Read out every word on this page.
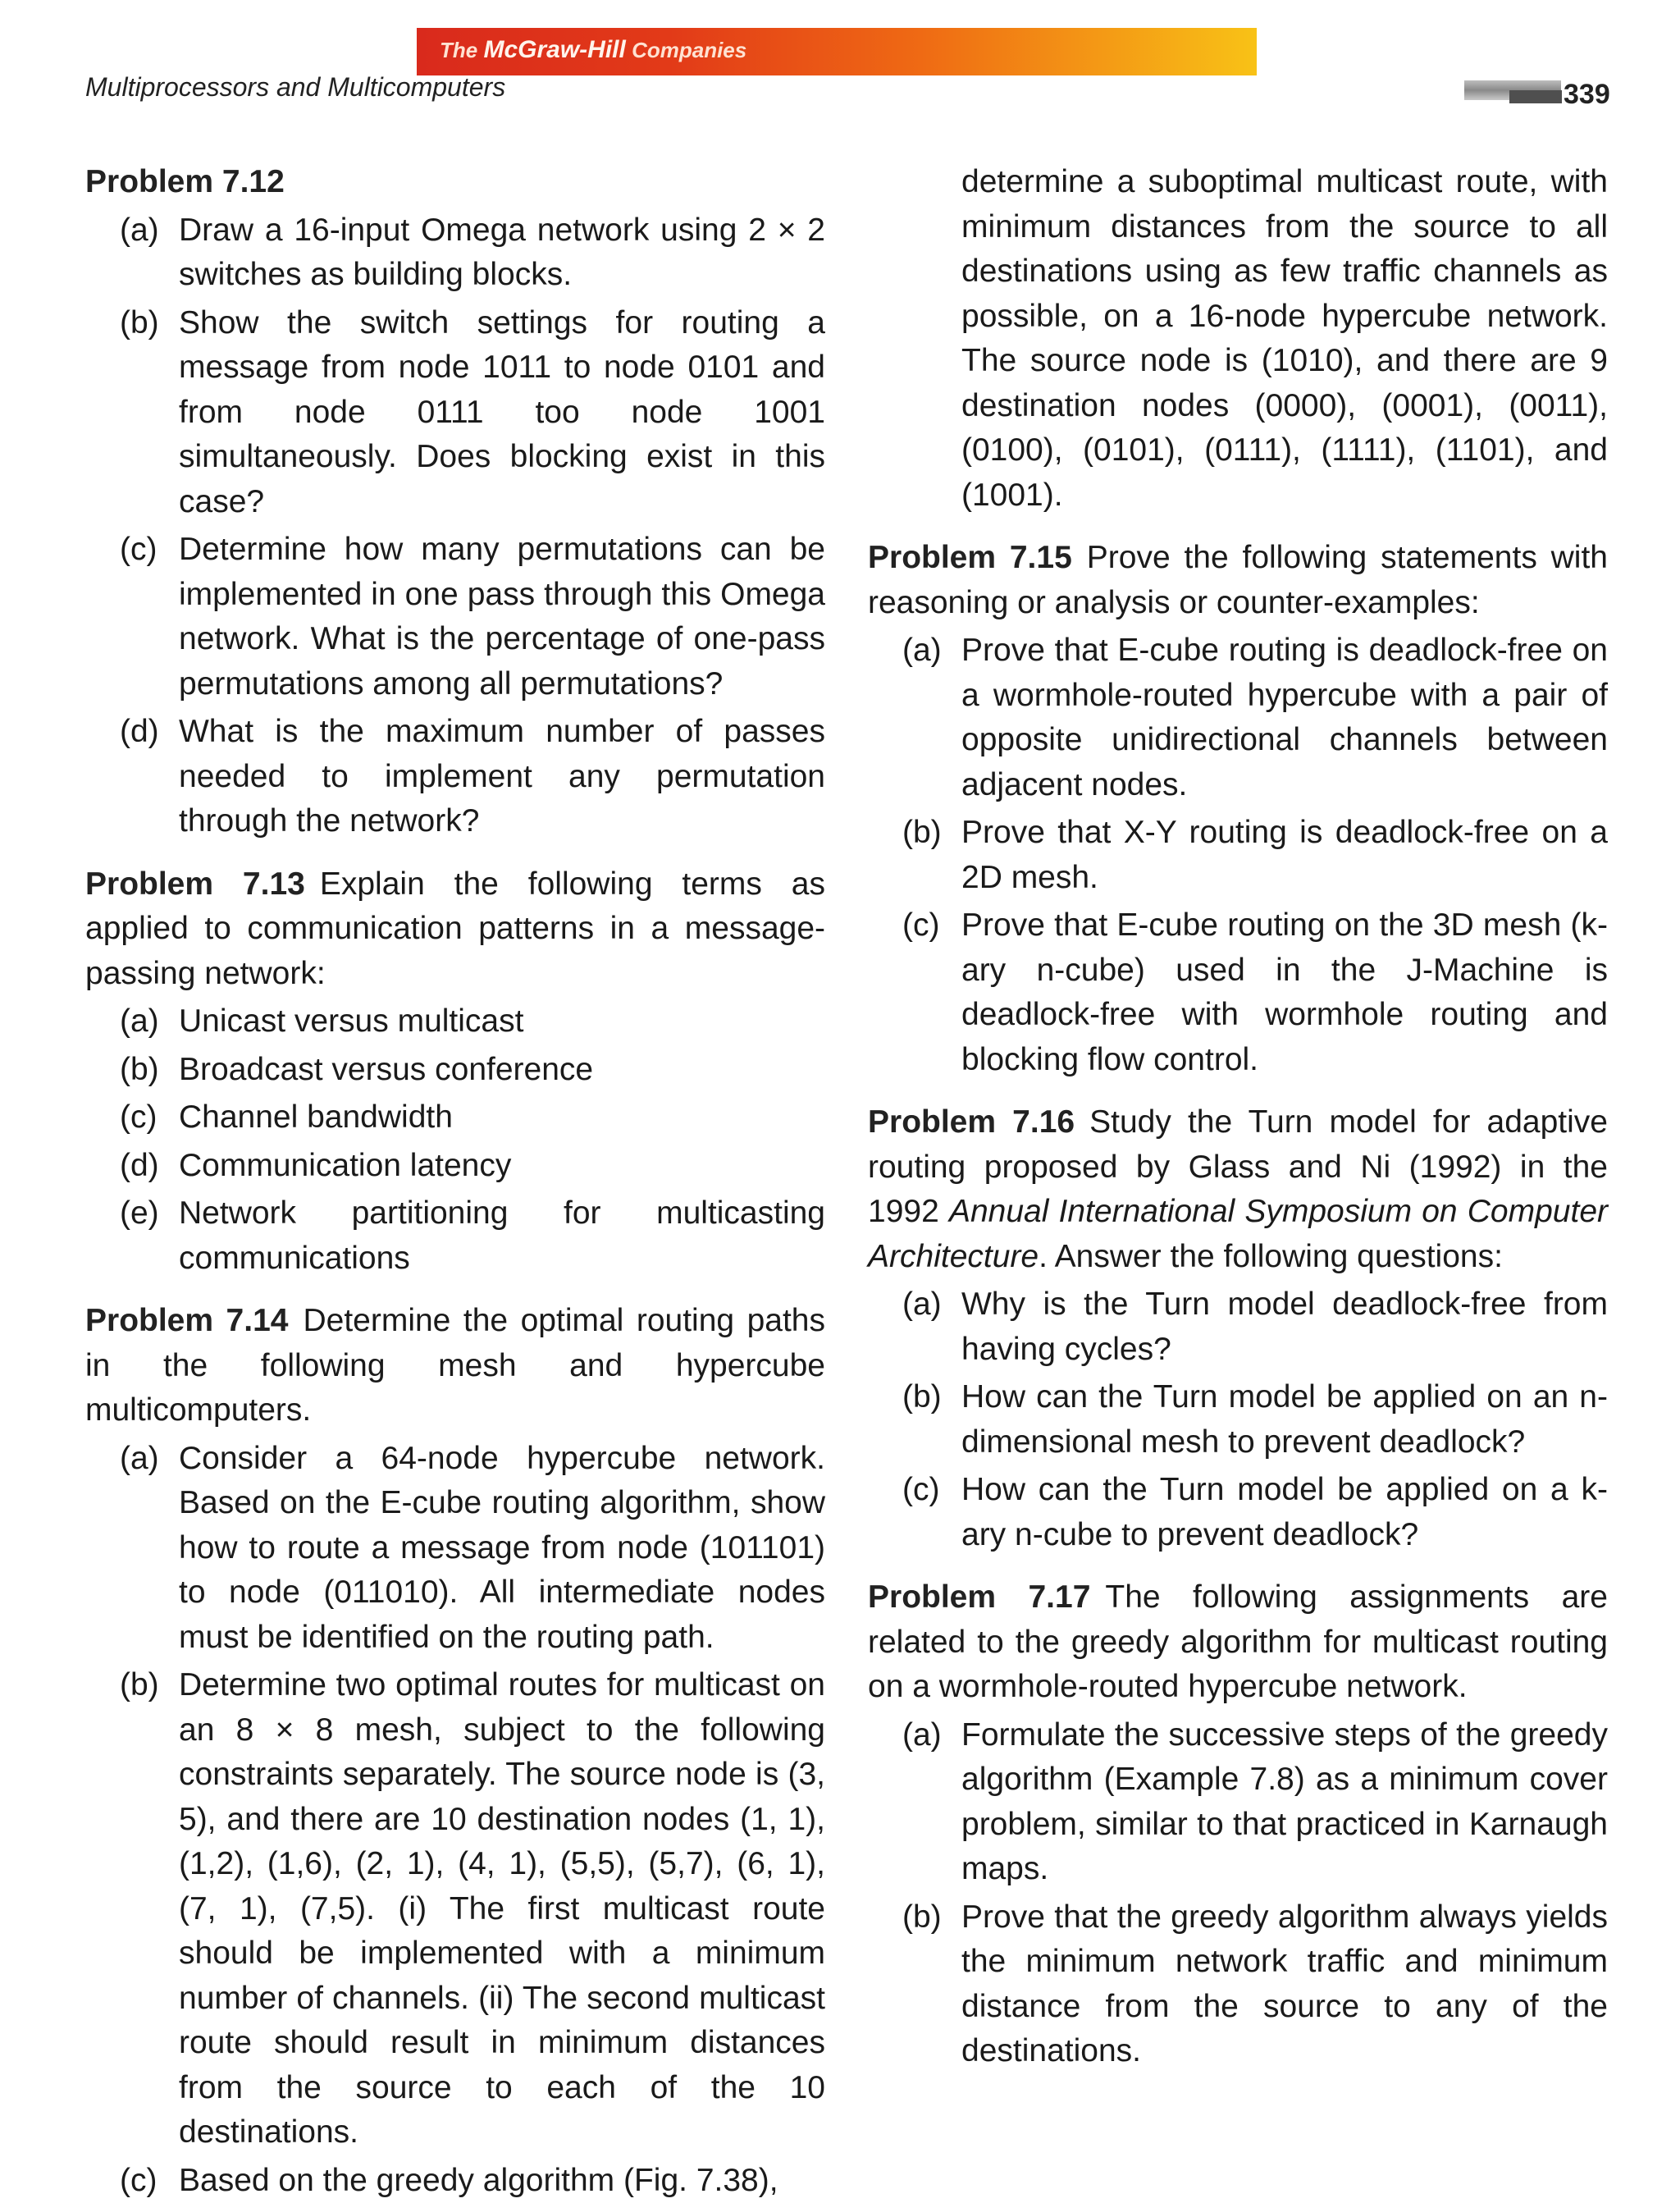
The McGraw-Hill Companies
Multiprocessors and Multicomputers	339

Problem 7.12

(a) Draw a 16-input Omega network using 2 × 2 switches as building blocks.
(b) Show the switch settings for routing a message from node 1011 to node 0101 and from node 0111 too node 1001 simultaneously. Does blocking exist in this case?
(c) Determine how many permutations can be implemented in one pass through this Omega network. What is the percentage of one-pass permutations among all permutations?
(d) What is the maximum number of passes needed to implement any permutation through the network?

Problem 7.13 Explain the following terms as applied to communication patterns in a message-passing network:

(a) Unicast versus multicast
(b) Broadcast versus conference
(c) Channel bandwidth
(d) Communication latency
(e) Network partitioning for multicasting communications

Problem 7.14 Determine the optimal routing paths in the following mesh and hypercube multicomputers.

(a) Consider a 64-node hypercube network. Based on the E-cube routing algorithm, show how to route a message from node (101101) to node (011010). All intermediate nodes must be identified on the routing path.
(b) Determine two optimal routes for multicast on an 8 × 8 mesh, subject to the following constraints separately. The source node is (3, 5), and there are 10 destination nodes (1, 1), (1,2), (1,6), (2, 1), (4, 1), (5,5), (5,7), (6, 1), (7, 1), (7,5). (i) The first multicast route should be implemented with a minimum number of channels. (ii) The second multicast route should result in minimum distances from the source to each of the 10 destinations.
(c) Based on the greedy algorithm (Fig. 7.38),

determine a suboptimal multicast route, with minimum distances from the source to all destinations using as few traffic channels as possible, on a 16-node hypercube network. The source node is (1010), and there are 9 destination nodes (0000), (0001), (0011), (0100), (0101), (0111), (1111), (1101), and (1001).

Problem 7.15 Prove the following statements with reasoning or analysis or counter-examples:

(a) Prove that E-cube routing is deadlock-free on a wormhole-routed hypercube with a pair of opposite unidirectional channels between adjacent nodes.
(b) Prove that X-Y routing is deadlock-free on a 2D mesh.
(c) Prove that E-cube routing on the 3D mesh (k-ary n-cube) used in the J-Machine is deadlock-free with wormhole routing and blocking flow control.

Problem 7.16 Study the Turn model for adaptive routing proposed by Glass and Ni (1992) in the 1992 Annual International Symposium on Computer Architecture. Answer the following questions:

(a) Why is the Turn model deadlock-free from having cycles?
(b) How can the Turn model be applied on an n-dimensional mesh to prevent deadlock?
(c) How can the Turn model be applied on a k-ary n-cube to prevent deadlock?

Problem 7.17 The following assignments are related to the greedy algorithm for multicast routing on a wormhole-routed hypercube network.

(a) Formulate the successive steps of the greedy algorithm (Example 7.8) as a minimum cover problem, similar to that practiced in Karnaugh maps.
(b) Prove that the greedy algorithm always yields the minimum network traffic and minimum distance from the source to any of the destinations.
